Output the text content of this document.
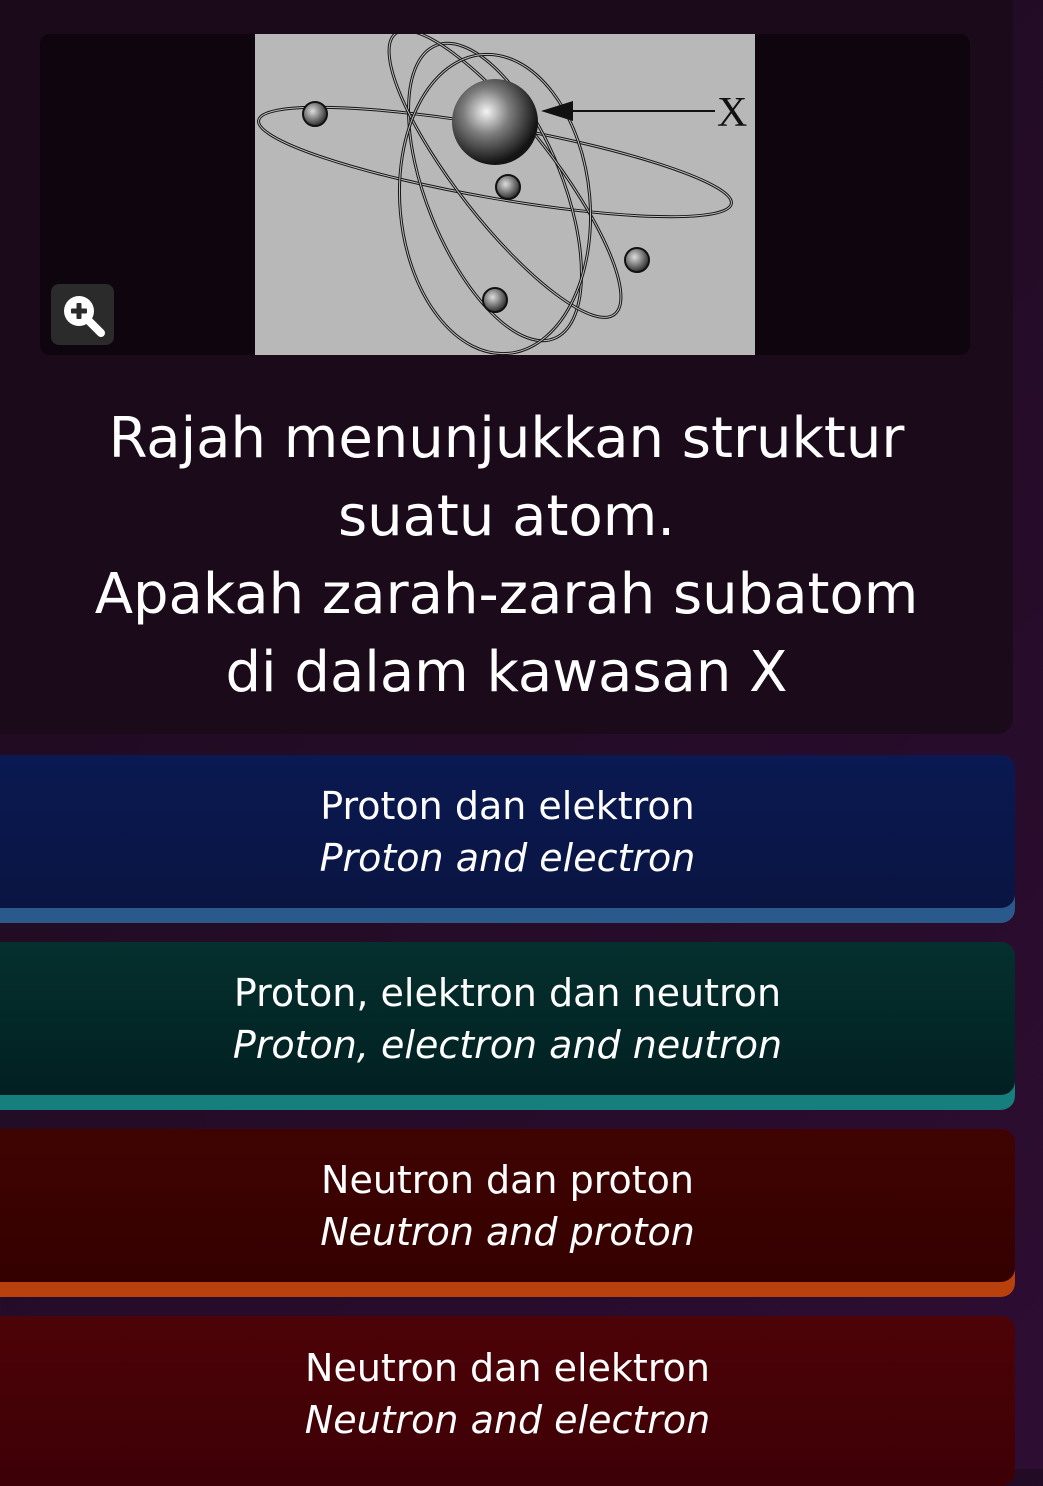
X
Rajah menunjukkan struktur
suatu atom.
Apakah zarah-zarah subatom
di dalam kawasan X
Proton dan elektron
Proton and electron
Proton, elektron dan neutron
Proton, electron and neutron
Neutron dan proton
Neutron and proton
Neutron dan elektron
Neutron and electron
